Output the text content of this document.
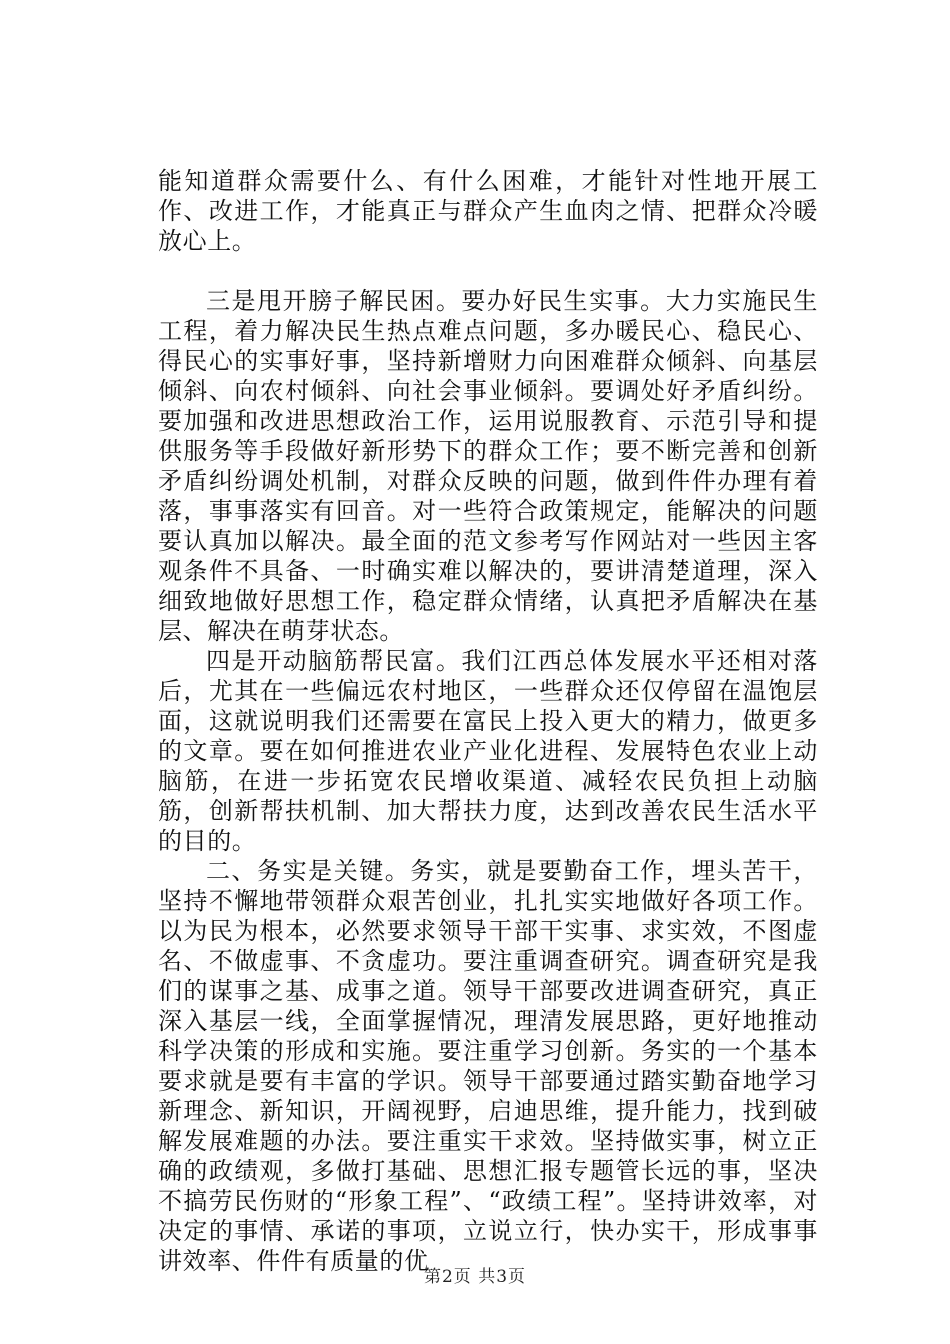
能知道群众需要什么、有什么困难，才能针对性地开展工作、改进工作，才能真正与群众产生血肉之情、把群众冷暖放心上。

三是甩开膀子解民困。要办好民生实事。大力实施民生工程，着力解决民生热点难点问题，多办暖民心、稳民心、得民心的实事好事，坚持新增财力向困难群众倾斜、向基层倾斜、向农村倾斜、向社会事业倾斜。要调处好矛盾纠纷。要加强和改进思想政治工作，运用说服教育、示范引导和提供服务等手段做好新形势下的群众工作；要不断完善和创新矛盾纠纷调处机制，对群众反映的问题，做到件件办理有着落，事事落实有回音。对一些符合政策规定，能解决的问题要认真加以解决。最全面的范文参考写作网站对一些因主客观条件不具备、一时确实难以解决的，要讲清楚道理，深入细致地做好思想工作，稳定群众情绪，认真把矛盾解决在基层、解决在萌芽状态。

四是开动脑筋帮民富。我们江西总体发展水平还相对落后，尤其在一些偏远农村地区，一些群众还仅停留在温饱层面，这就说明我们还需要在富民上投入更大的精力，做更多的文章。要在如何推进农业产业化进程、发展特色农业上动脑筋，在进一步拓宽农民增收渠道、减轻农民负担上动脑筋，创新帮扶机制、加大帮扶力度，达到改善农民生活水平的目的。

二、务实是关键。务实，就是要勤奋工作，埋头苦干，坚持不懈地带领群众艰苦创业，扎扎实实地做好各项工作。以为民为根本，必然要求领导干部干实事、求实效，不图虚名、不做虚事、不贪虚功。要注重调查研究。调查研究是我们的谋事之基、成事之道。领导干部要改进调查研究，真正深入基层一线，全面掌握情况，理清发展思路，更好地推动科学决策的形成和实施。要注重学习创新。务实的一个基本要求就是要有丰富的学识。领导干部要通过踏实勤奋地学习新理念、新知识，开阔视野，启迪思维，提升能力，找到破解发展难题的办法。要注重实干求效。坚持做实事，树立正确的政绩观，多做打基础、思想汇报专题管长远的事，坚决不搞劳民伤财的“形象工程”、“政绩工程”。坚持讲效率，对决定的事情、承诺的事项，立说立行，快办实干，形成事事讲效率、件件有质量的优

第2页 共3页
